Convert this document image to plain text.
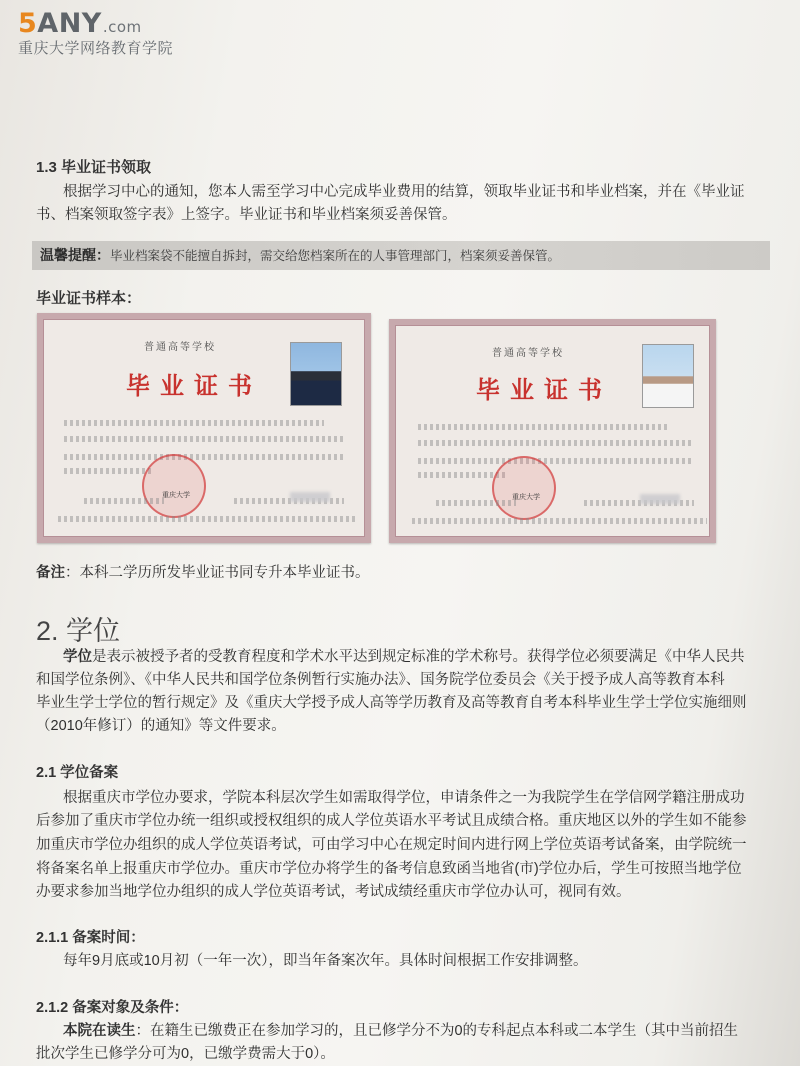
5ANY.com
重庆大学网络教育学院
1.3 毕业证书领取
根据学习中心的通知，您本人需至学习中心完成毕业费用的结算，领取毕业证书和毕业档案，并在《毕业证
书、档案领取签字表》上签字。毕业证书和毕业档案须妥善保管。
温馨提醒：毕业档案袋不能擅自拆封，需交给您档案所在的人事管理部门，档案须妥善保管。
毕业证书样本：
普通高等学校
毕业证书
重庆大学
普通高等学校
毕业证书
重庆大学
备注：本科二学历所发毕业证书同专升本毕业证书。
2. 学位
学位是表示被授予者的受教育程度和学术水平达到规定标准的学术称号。获得学位必须要满足《中华人民共
和国学位条例》、《中华人民共和国学位条例暂行实施办法》、国务院学位委员会《关于授予成人高等教育本科
毕业生学士学位的暂行规定》及《重庆大学授予成人高等学历教育及高等教育自考本科毕业生学士学位实施细则
（2010年修订）的通知》等文件要求。
2.1 学位备案
根据重庆市学位办要求，学院本科层次学生如需取得学位，申请条件之一为我院学生在学信网学籍注册成功
后参加了重庆市学位办统一组织或授权组织的成人学位英语水平考试且成绩合格。重庆地区以外的学生如不能参
加重庆市学位办组织的成人学位英语考试，可由学习中心在规定时间内进行网上学位英语考试备案，由学院统一
将备案名单上报重庆市学位办。重庆市学位办将学生的备考信息致函当地省(市)学位办后，学生可按照当地学位
办要求参加当地学位办组织的成人学位英语考试，考试成绩经重庆市学位办认可，视同有效。
2.1.1 备案时间：
每年9月底或10月初（一年一次），即当年备案次年。具体时间根据工作安排调整。
2.1.2 备案对象及条件：
本院在读生：在籍生已缴费正在参加学习的，且已修学分不为0的专科起点本科或二本学生（其中当前招生
批次学生已修学分可为0，已缴学费需大于0）。
